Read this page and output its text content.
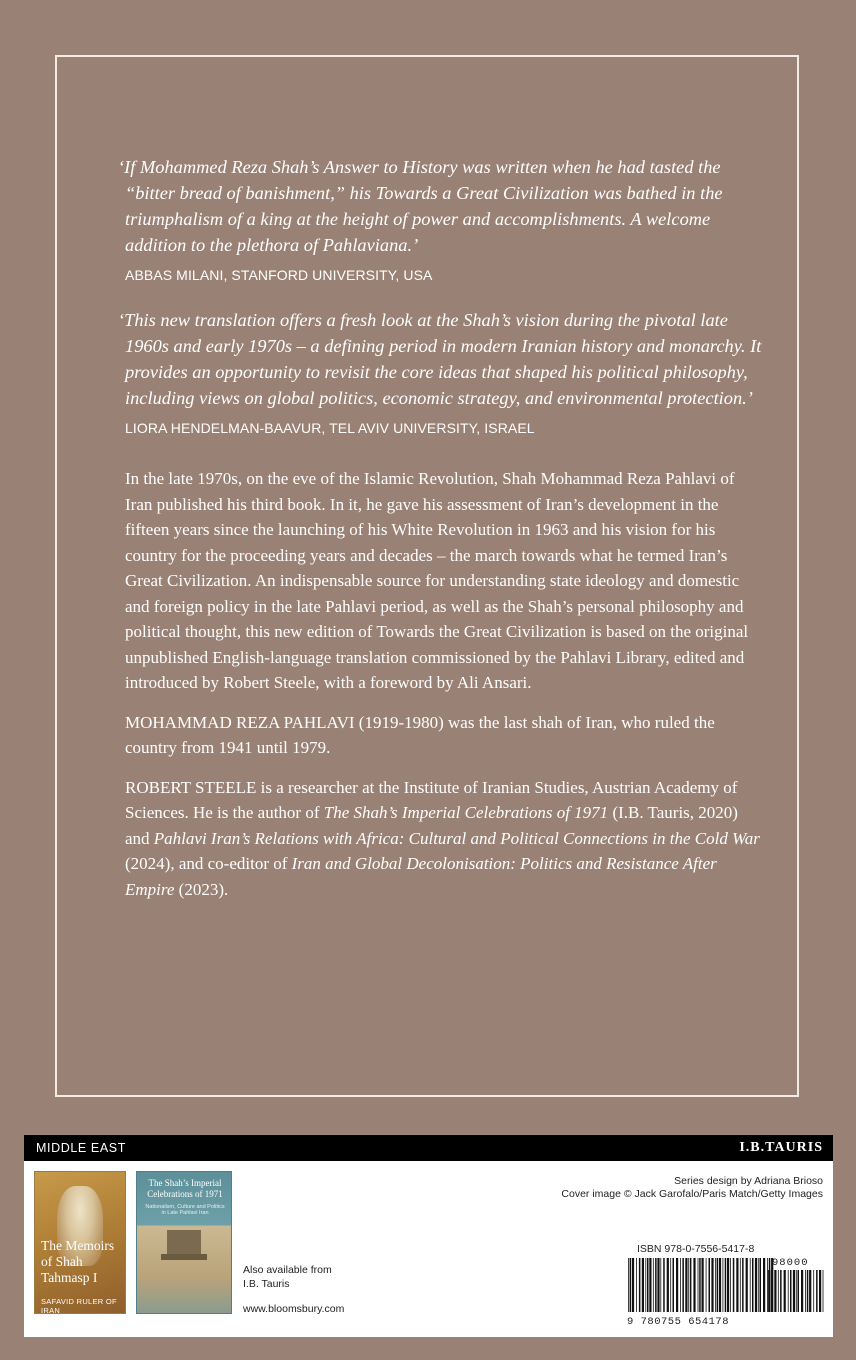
‘If Mohammed Reza Shah’s Answer to History was written when he had tasted the “bitter bread of banishment,” his Towards a Great Civilization was bathed in the triumphalism of a king at the height of power and accomplishments. A welcome addition to the plethora of Pahlaviana.’
ABBAS MILANI, STANFORD UNIVERSITY, USA
‘This new translation offers a fresh look at the Shah’s vision during the pivotal late 1960s and early 1970s – a defining period in modern Iranian history and monarchy. It provides an opportunity to revisit the core ideas that shaped his political philosophy, including views on global politics, economic strategy, and environmental protection.’
LIORA HENDELMAN-BAAVUR, TEL AVIV UNIVERSITY, ISRAEL

In the late 1970s, on the eve of the Islamic Revolution, Shah Mohammad Reza Pahlavi of Iran published his third book. In it, he gave his assessment of Iran’s development in the fifteen years since the launching of his White Revolution in 1963 and his vision for his country for the proceeding years and decades – the march towards what he termed Iran’s Great Civilization. An indispensable source for understanding state ideology and domestic and foreign policy in the late Pahlavi period, as well as the Shah’s personal philosophy and political thought, this new edition of Towards the Great Civilization is based on the original unpublished English-language translation commissioned by the Pahlavi Library, edited and introduced by Robert Steele, with a foreword by Ali Ansari.

MOHAMMAD REZA PAHLAVI (1919-1980) was the last shah of Iran, who ruled the country from 1941 until 1979.

ROBERT STEELE is a researcher at the Institute of Iranian Studies, Austrian Academy of Sciences. He is the author of The Shah’s Imperial Celebrations of 1971 (I.B. Tauris, 2020) and Pahlavi Iran’s Relations with Africa: Cultural and Political Connections in the Cold War (2024), and co-editor of Iran and Global Decolonisation: Politics and Resistance After Empire (2023).

MIDDLE EAST	I.B.TAURIS
The Memoirs of Shah Tahmasp I
SAFAVID RULER OF IRAN
The Shah’s Imperial Celebrations of 1971
Nationalism, Culture and Politics in Late Pahlavi Iran
Also available from
I.B. Tauris
www.bloomsbury.com
Series design by Adriana Brioso
Cover image © Jack Garofalo/Paris Match/Getty Images
ISBN 978-0-7556-5417-8
98000
9 780755 654178
